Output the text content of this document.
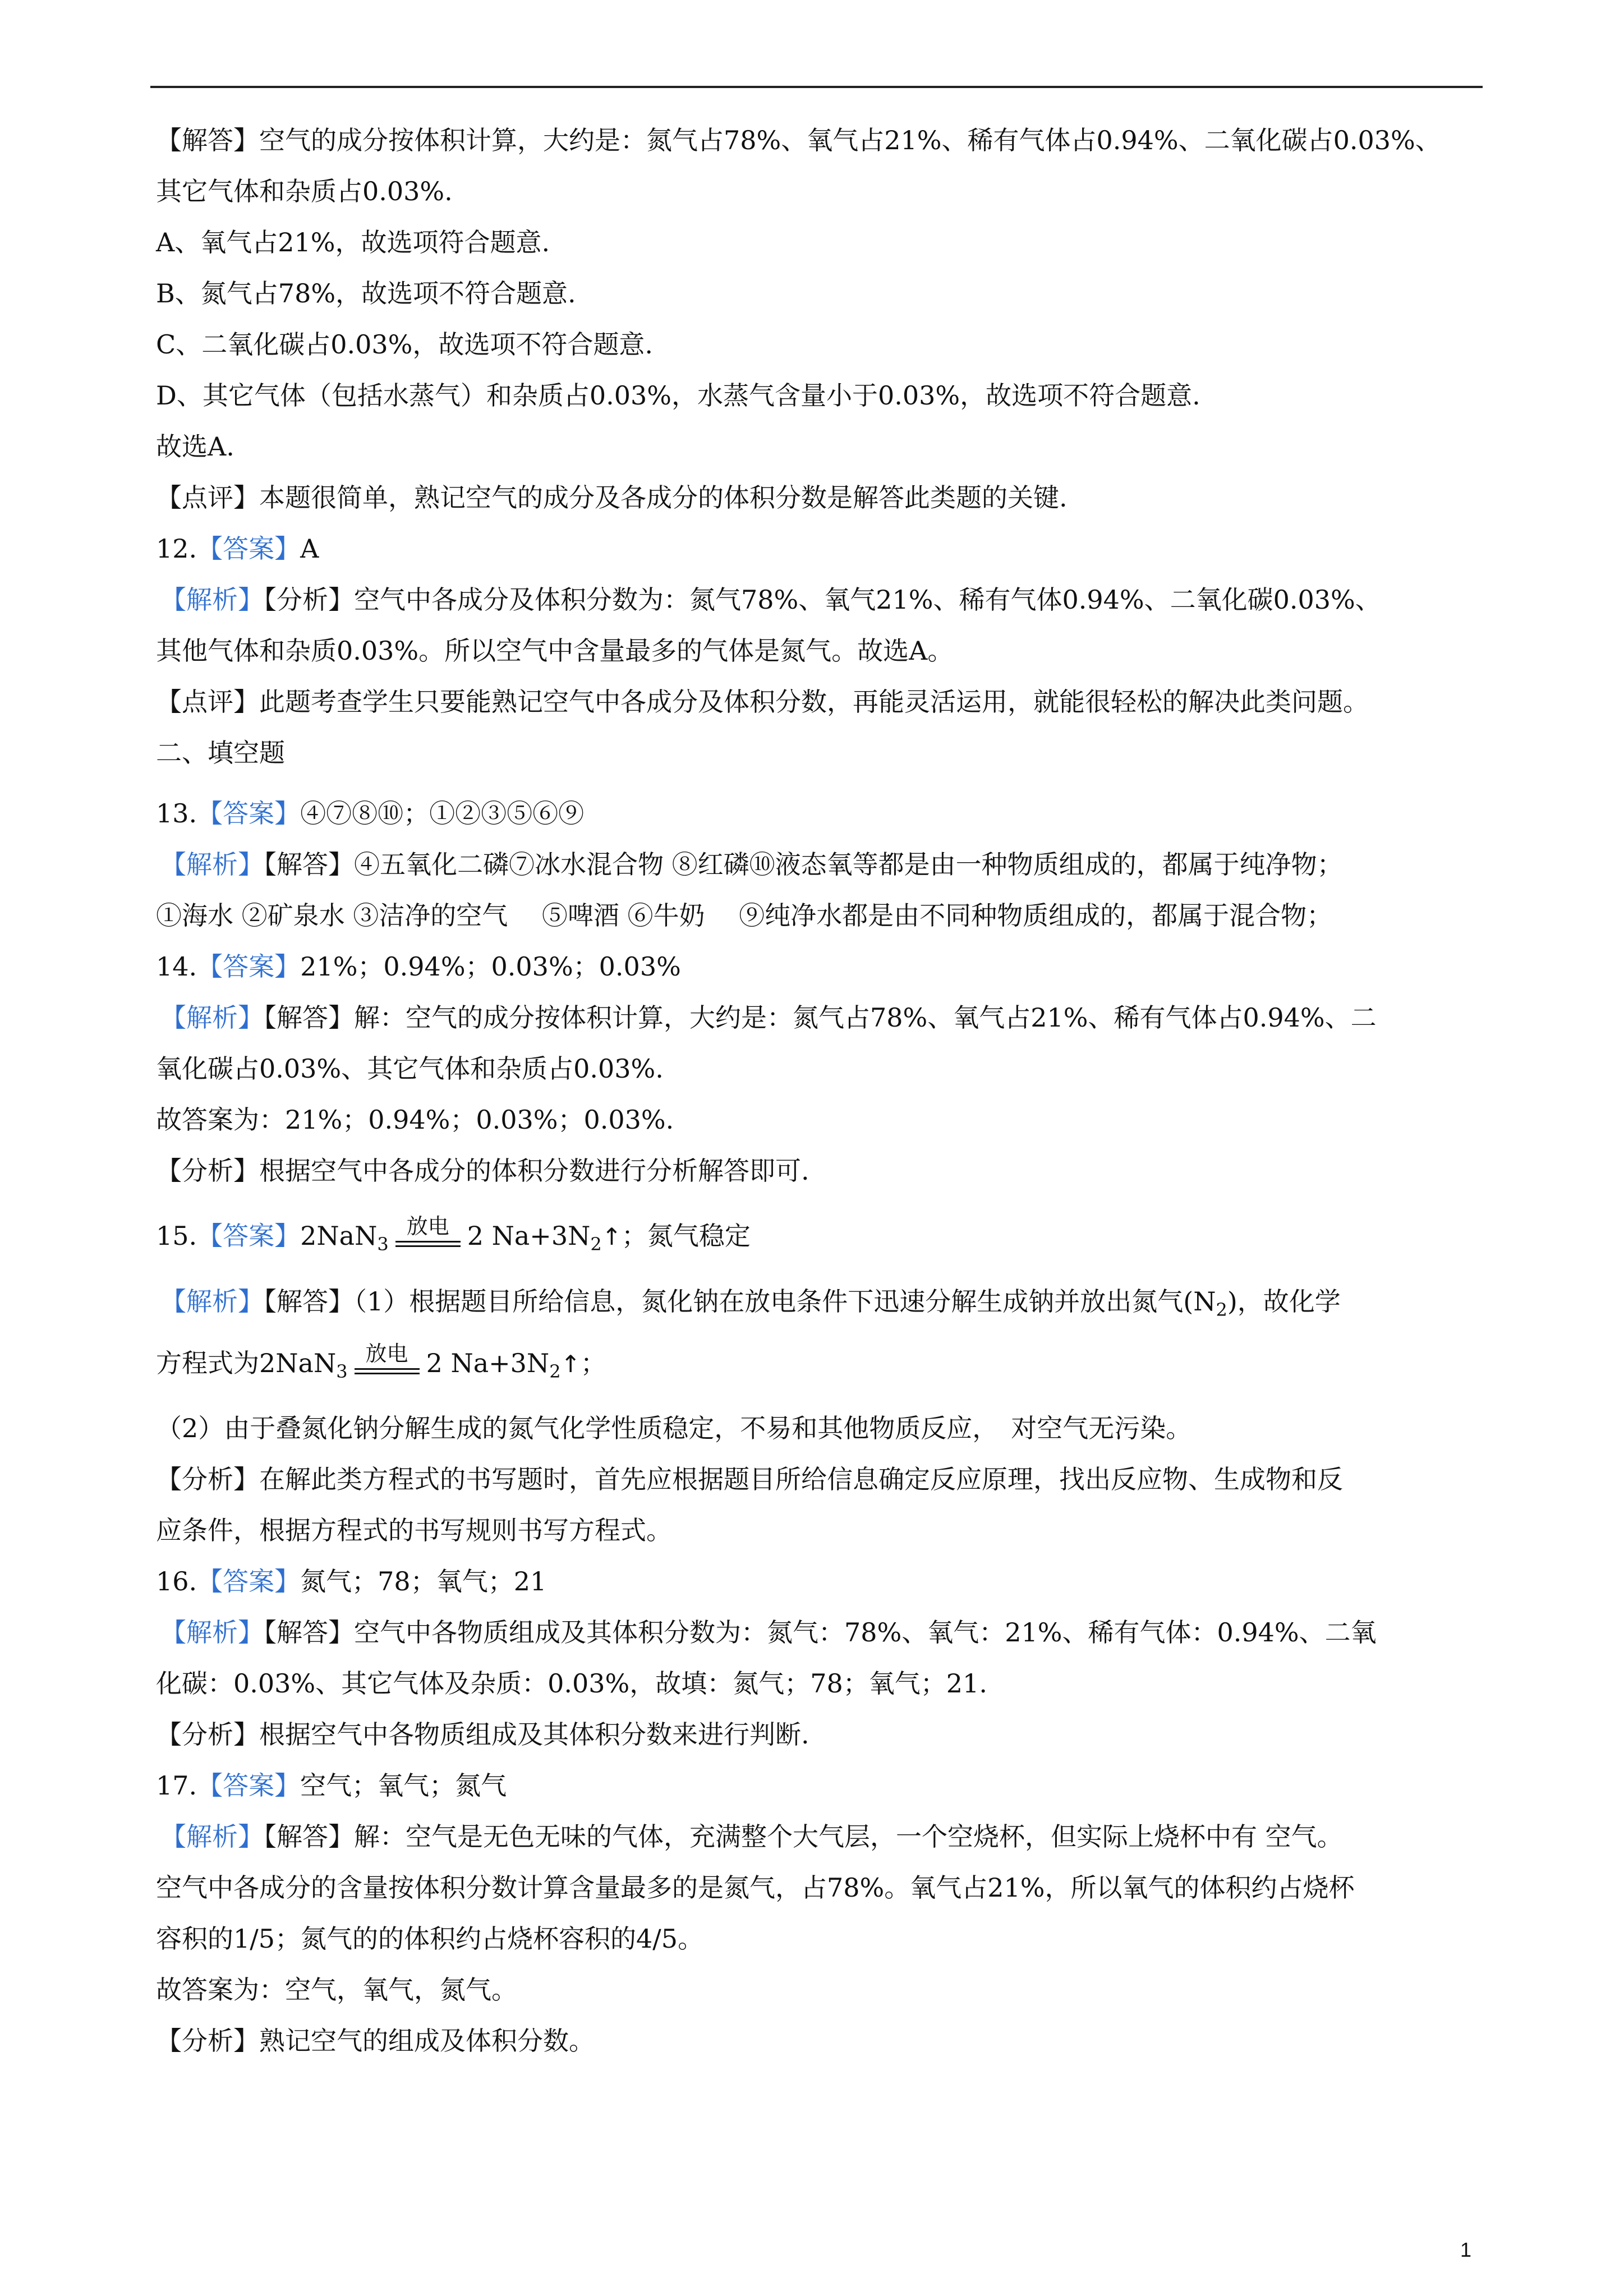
【解答】空气的成分按体积计算，大约是：氮气占78%、氧气占21%、稀有气体占0.94%、二氧化碳占0.03%、
其它气体和杂质占0.03%.
A、氧气占21%，故选项符合题意.
B、氮气占78%，故选项不符合题意.
C、二氧化碳占0.03%，故选项不符合题意.
D、其它气体（包括水蒸气）和杂质占0.03%，水蒸气含量小于0.03%，故选项不符合题意.
故选A.
【点评】本题很简单，熟记空气的成分及各成分的体积分数是解答此类题的关键.
12.【答案】A
【解析】【分析】空气中各成分及体积分数为：氮气78%、氧气21%、稀有气体0.94%、二氧化碳0.03%、
其他气体和杂质0.03%。所以空气中含量最多的气体是氮气。故选A。
【点评】此题考查学生只要能熟记空气中各成分及体积分数，再能灵活运用，就能很轻松的解决此类问题。
二、填空题
13.【答案】④⑦⑧⑩；①②③⑤⑥⑨
【解析】【解答】④五氧化二磷⑦冰水混合物 ⑧红磷⑩液态氧等都是由一种物质组成的，都属于纯净物；
①海水 ②矿泉水 ③洁净的空气　 ⑤啤酒 ⑥牛奶 　⑨纯净水都是由不同种物质组成的，都属于混合物；
14.【答案】21%；0.94%；0.03%；0.03%
【解析】【解答】解：空气的成分按体积计算，大约是：氮气占78%、氧气占21%、稀有气体占0.94%、二
氧化碳占0.03%、其它气体和杂质占0.03%.
故答案为：21%；0.94%；0.03%；0.03%.
【分析】根据空气中各成分的体积分数进行分析解答即可.
15.【答案】2NaN$_3$
放电 2 $Na+3N_2↑$；氮气稳定
【解析】【解答】（1）根据题目所给信息，氮化钠在放电条件下迅速分解生成钠并放出氮气$(N_2)$，故化学
方程式为2NaN$_3$
放电 2 $Na+3N_2↑$；
（2）由于叠氮化钠分解生成的氮气化学性质稳定，不易和其他物质反应，　对空气无污染。
【分析】在解此类方程式的书写题时，首先应根据题目所给信息确定反应原理，找出反应物、生成物和反
应条件，根据方程式的书写规则书写方程式。
16.【答案】氮气；78；氧气；21
【解析】【解答】空气中各物质组成及其体积分数为：氮气：78%、氧气：21%、稀有气体：0.94%、二氧
化碳：0.03%、其它气体及杂质：0.03%，故填：氮气；78；氧气；21.
【分析】根据空气中各物质组成及其体积分数来进行判断.
17.【答案】空气；氧气；氮气
【解析】【解答】解：空气是无色无味的气体，充满整个大气层，一个空烧杯，但实际上烧杯中有 空气。
空气中各成分的含量按体积分数计算含量最多的是氮气，占78%。氧气占21%，所以氧气的体积约占烧杯
容积的1/5；氮气的的体积约占烧杯容积的4/5。
故答案为：空气，氧气，氮气。
【分析】熟记空气的组成及体积分数。
1
